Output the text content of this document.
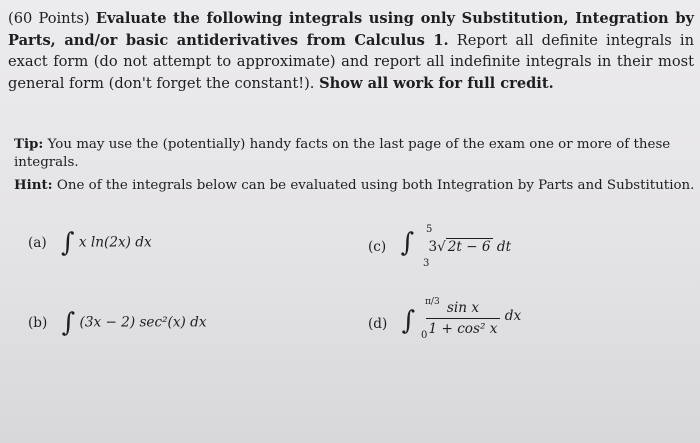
(60 Points) Evaluate the following integrals using only Substitution, Integration by Parts, and/or basic antiderivatives from Calculus 1. Report all definite integrals in exact form (do not attempt to approximate) and report all indefinite integrals in their most general form (don't forget the constant!). Show all work for full credit.
Tip: You may use the (potentially) handy facts on the last page of the exam one or more of these integrals.
Hint: One of the integrals below can be evaluated using both Integration by Parts and Substitution.
(a) ∫ x ln(2x) dx
(b) ∫ (3x − 2) sec²(x) dx
(c) ∫ 5
3
3√ 2t − 6 dt
(d) ∫
π/3
0
$\frac{\text{sin x}}{\text{1 + cos² x}}$ dx
